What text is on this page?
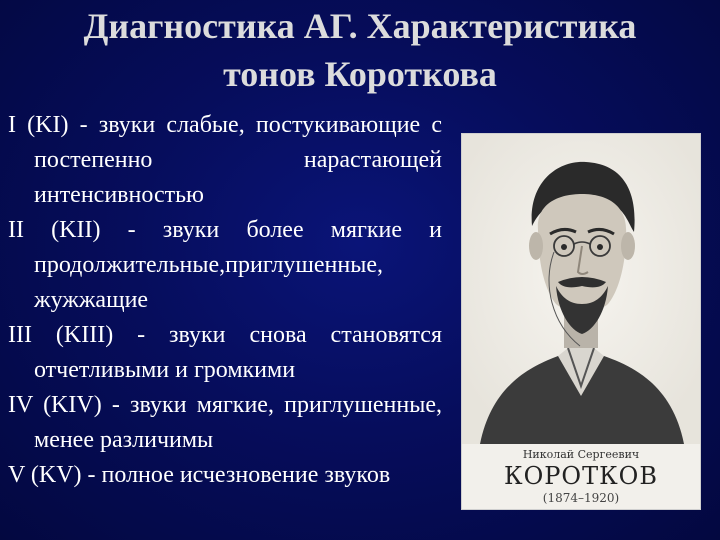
Диагностика АГ. Характеристика
тонов Короткова
I (KI) - звуки слабые, постукивающие с постепенно нарастающей интенсивностью
II (KII) - звуки более мягкие и продолжительные,приглушенные, жужжащие
III (KIII) - звуки снова становятся отчетливыми и громкими
IV (KIV) - звуки мягкие, приглушенные, менее различимы
V (KV) - полное исчезновение звуков
Николай Сергеевич
КОРОТКОВ
(1874–1920)
